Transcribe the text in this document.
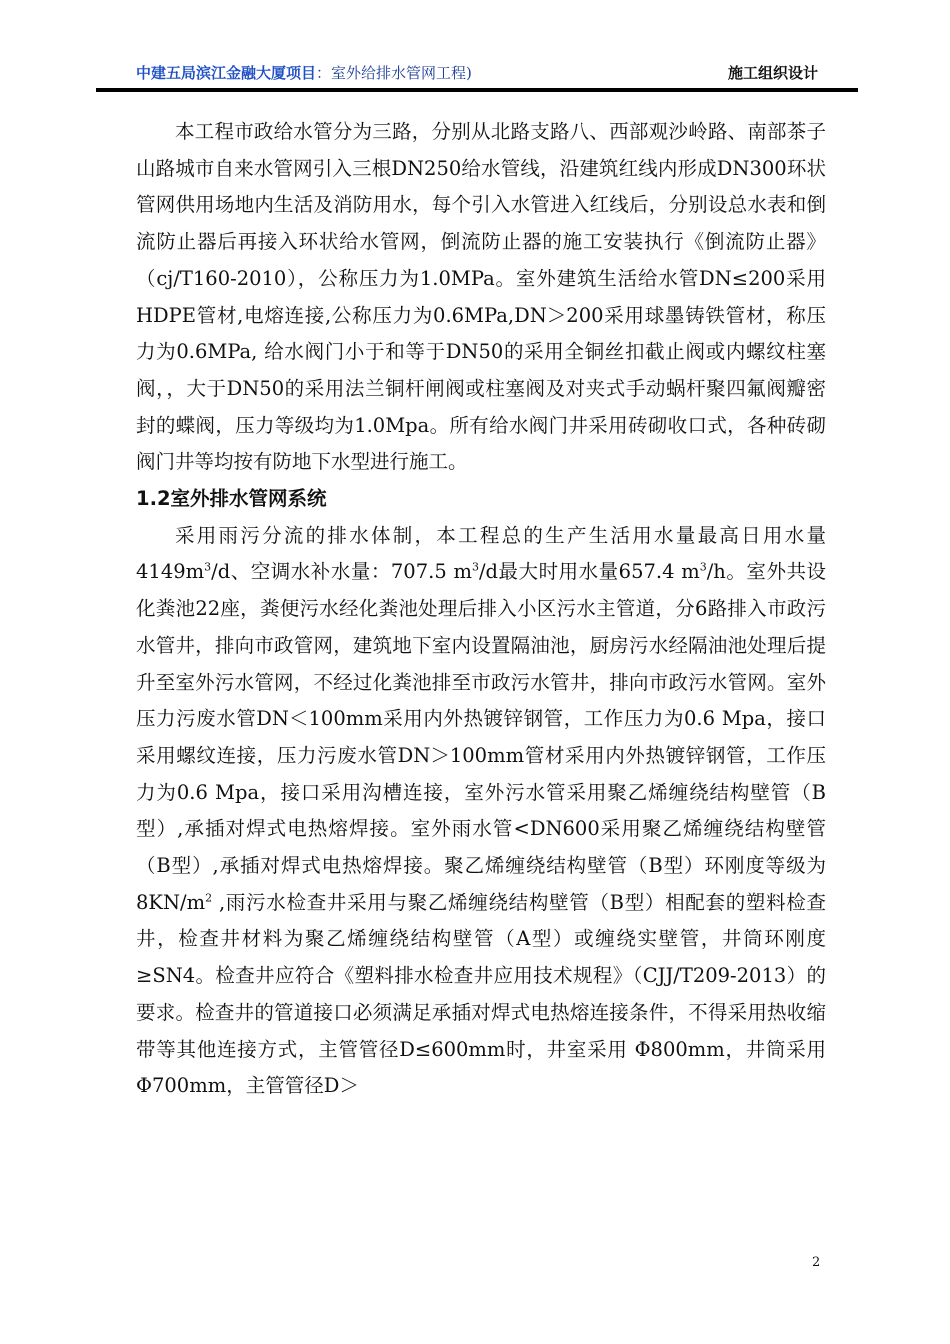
中建五局滨江金融大厦项目：室外给排水管网工程)	施工组织设计

本工程市政给水管分为三路，分别从北路支路八、西部观沙岭路、南部茶子山路城市自来水管网引入三根DN250给水管线，沿建筑红线内形成DN300环状管网供用场地内生活及消防用水，每个引入水管进入红线后，分别设总水表和倒流防止器后再接入环状给水管网，倒流防止器的施工安装执行《倒流防止器》（cj/T160-2010），公称压力为1.0MPa。室外建筑生活给水管DN≤200采用HDPE管材,电熔连接,公称压力为0.6MPa,DN＞200采用球墨铸铁管材，称压力为0.6MPa, 给水阀门小于和等于DN50的采用全铜丝扣截止阀或内螺纹柱塞阀，，大于DN50的采用法兰铜杆闸阀或柱塞阀及对夹式手动蜗杆聚四氟阀瓣密封的蝶阀，压力等级均为1.0Mpa。所有给水阀门井采用砖砌收口式，各种砖砌阀门井等均按有防地下水型进行施工。

1.2室外排水管网系统

采用雨污分流的排水体制，本工程总的生产生活用水量最高日用水量$4149m^3/d$、空调水补水量：707.5 $m^3/d$最大时用水量657.4 $m^3/h$。室外共设化粪池22座，粪便污水经化粪池处理后排入小区污水主管道，分6路排入市政污水管井，排向市政管网，建筑地下室内设置隔油池，厨房污水经隔油池处理后提升至室外污水管网，不经过化粪池排至市政污水管井，排向市政污水管网。室外压力污废水管DN＜100mm采用内外热镀锌钢管，工作压力为0.6 Mpa，接口采用螺纹连接，压力污废水管DN＞100mm管材采用内外热镀锌钢管，工作压力为0.6 Mpa，接口采用沟槽连接，室外污水管采用聚乙烯缠绕结构壁管（B型）,承插对焊式电热熔焊接。室外雨水管<DN600采用聚乙烯缠绕结构壁管（B型）,承插对焊式电热熔焊接。聚乙烯缠绕结构壁管（B型）环刚度等级为$8KN/m^2$ ,雨污水检查井采用与聚乙烯缠绕结构壁管（B型）相配套的塑料检查井，检查井材料为聚乙烯缠绕结构壁管（A型）或缠绕实壁管，井筒环刚度≥SN4。检查井应符合《塑料排水检查井应用技术规程》（CJJ/T209-2013）的要求。检查井的管道接口必须满足承插对焊式电热熔连接条件，不得采用热收缩带等其他连接方式，主管管径D≤600mm时，井室采用 Φ800mm，井筒采用 Φ700mm，主管管径D＞

2
